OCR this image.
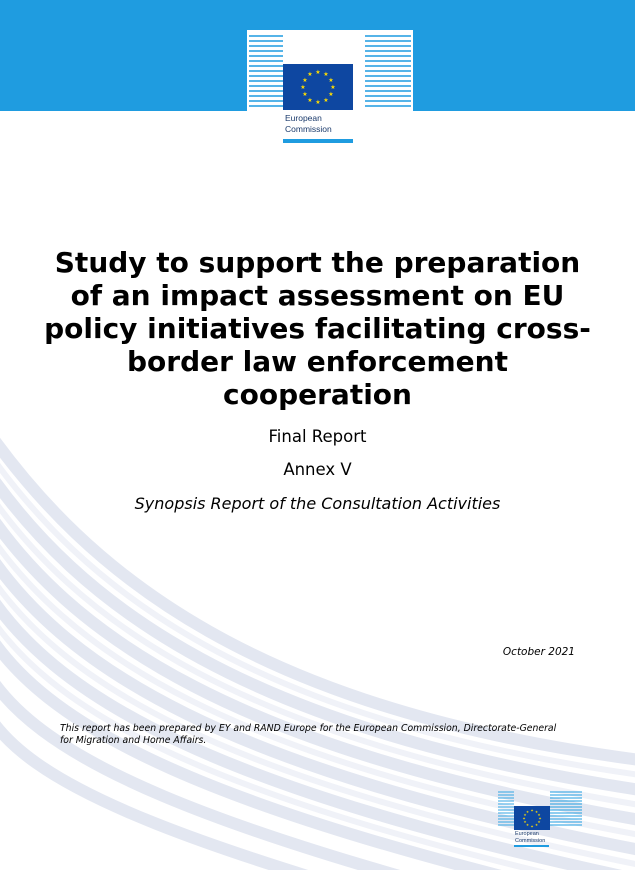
★ ★
★
★
★
★
★
★
★
★
★
★
European
Commission
Study to support the preparation of an impact assessment on EU policy initiatives facilitating cross-border law enforcement cooperation
Final Report
Annex V
Synopsis Report of the Consultation Activities
October 2021
This report has been prepared by EY and RAND Europe for the European Commission, Directorate-General for Migration and Home Affairs.
★ ★
★
★
★
★
★
★
★
★
★
★
European
Commission
